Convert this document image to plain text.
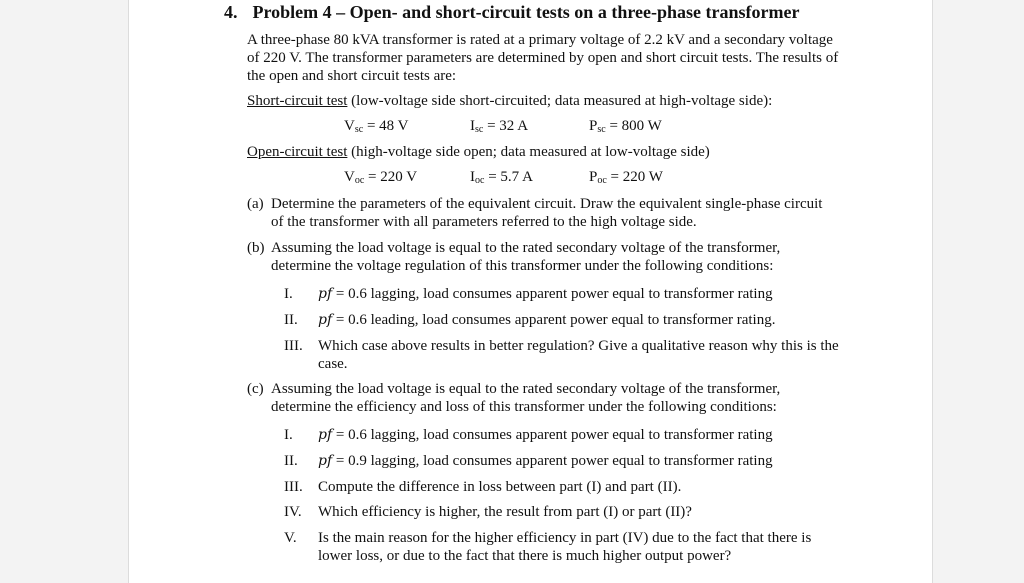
4. Problem 4 – Open- and short-circuit tests on a three-phase transformer

A three-phase 80 kVA transformer is rated at a primary voltage of 2.2 kV and a secondary voltage of 220 V. The transformer parameters are determined by open and short circuit tests. The results of the open and short circuit tests are:

Short-circuit test (low-voltage side short-circuited; data measured at high-voltage side):
$V_{sc} = 48$ V	$I_{sc} = 32$ A	$P_{sc} = 800$ W
Open-circuit test (high-voltage side open; data measured at low-voltage side)
$V_{oc} = 220$ V	$I_{oc} = 5.7$ A	$P_{oc} = 220$ W
(a) Determine the parameters of the equivalent circuit. Draw the equivalent single-phase circuit of the transformer with all parameters referred to the high voltage side.
(b) Assuming the load voltage is equal to the rated secondary voltage of the transformer, determine the voltage regulation of this transformer under the following conditions:
I.	pf = 0.6 lagging, load consumes apparent power equal to transformer rating
II.	pf = 0.6 leading, load consumes apparent power equal to transformer rating.
III.	Which case above results in better regulation? Give a qualitative reason why this is the case.
(c) Assuming the load voltage is equal to the rated secondary voltage of the transformer, determine the efficiency and loss of this transformer under the following conditions:
I.	pf = 0.6 lagging, load consumes apparent power equal to transformer rating
II.	pf = 0.9 lagging, load consumes apparent power equal to transformer rating
III.	Compute the difference in loss between part (I) and part (II).
IV.	Which efficiency is higher, the result from part (I) or part (II)?
V.	Is the main reason for the higher efficiency in part (IV) due to the fact that there is lower loss, or due to the fact that there is much higher output power?
